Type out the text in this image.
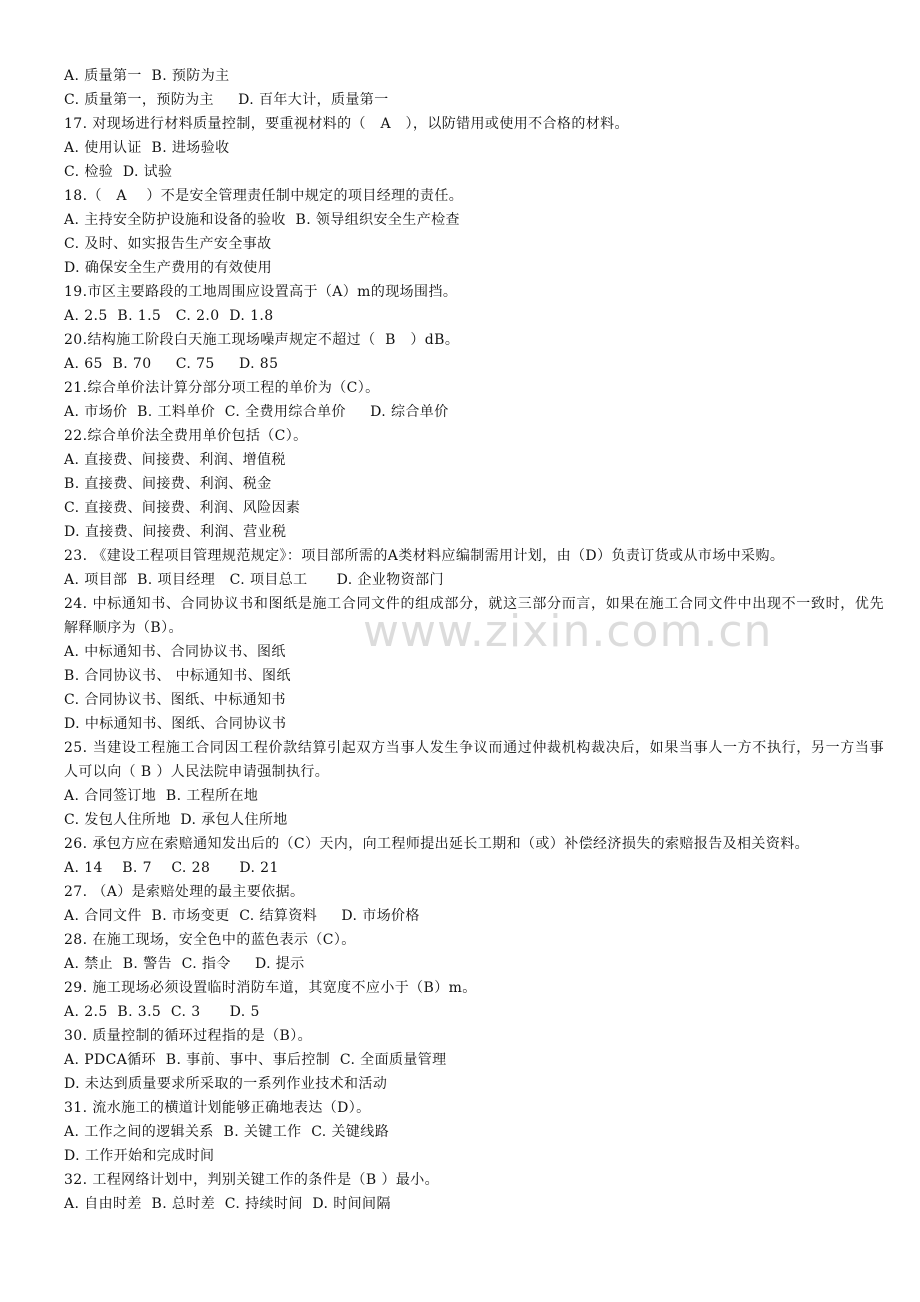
A. 质量第一  B. 预防为主
C. 质量第一，预防为主     D. 百年大计，质量第一
17. 对现场进行材料质量控制，要重视材料的（   A   ），以防错用或使用不合格的材料。
A. 使用认证  B. 进场验收
C. 检验  D. 试验
18.（   A    ）不是安全管理责任制中规定的项目经理的责任。
A. 主持安全防护设施和设备的验收  B. 领导组织安全生产检查
C. 及时、如实报告生产安全事故
D. 确保安全生产费用的有效使用
19.市区主要路段的工地周围应设置高于（A）m的现场围挡。
A. 2.5  B. 1.5   C. 2.0  D. 1.8
20.结构施工阶段白天施工现场噪声规定不超过（  B   ）dB。
A. 65  B. 70     C. 75     D. 85
21.综合单价法计算分部分项工程的单价为（C）。
A. 市场价  B. 工料单价  C. 全费用综合单价     D. 综合单价
22.综合单价法全费用单价包括（C）。
A. 直接费、间接费、利润、增值税
B. 直接费、间接费、利润、税金
C. 直接费、间接费、利润、风险因素
D. 直接费、间接费、利润、营业税
23. 《建设工程项目管理规范规定》：项目部所需的A类材料应编制需用计划，由（D）负责订货或从市场中采购。
A. 项目部  B. 项目经理   C. 项目总工      D. 企业物资部门
24. 中标通知书、合同协议书和图纸是施工合同文件的组成部分，就这三部分而言，如果在施工合同文件中出现不一致时，优先解释顺序为（B）。
A. 中标通知书、合同协议书、图纸
B. 合同协议书、 中标通知书、图纸
C. 合同协议书、图纸、中标通知书
D. 中标通知书、图纸、合同协议书
25. 当建设工程施工合同因工程价款结算引起双方当事人发生争议而通过仲裁机构裁决后，如果当事人一方不执行，另一方当事人可以向（ B ）人民法院申请强制执行。
A. 合同签订地  B. 工程所在地
C. 发包人住所地  D. 承包人住所地
26. 承包方应在索赔通知发出后的（C）天内，向工程师提出延长工期和（或）补偿经济损失的索赔报告及相关资料。
A. 14    B. 7    C. 28      D. 21
27. （A）是索赔处理的最主要依据。
A. 合同文件  B. 市场变更  C. 结算资料     D. 市场价格
28. 在施工现场，安全色中的蓝色表示（C）。
A. 禁止  B. 警告  C. 指令     D. 提示
29. 施工现场必须设置临时消防车道，其宽度不应小于（B）m。
A. 2.5  B. 3.5  C. 3      D. 5
30. 质量控制的循环过程指的是（B）。
A. PDCA循环  B. 事前、事中、事后控制  C. 全面质量管理
D. 未达到质量要求所采取的一系列作业技术和活动
31. 流水施工的横道计划能够正确地表达（D）。
A. 工作之间的逻辑关系  B. 关键工作  C. 关键线路
D. 工作开始和完成时间
32. 工程网络计划中，判别关键工作的条件是（B ）最小。
A. 自由时差  B. 总时差  C. 持续时间  D. 时间间隔
www.zixin.com.cn
